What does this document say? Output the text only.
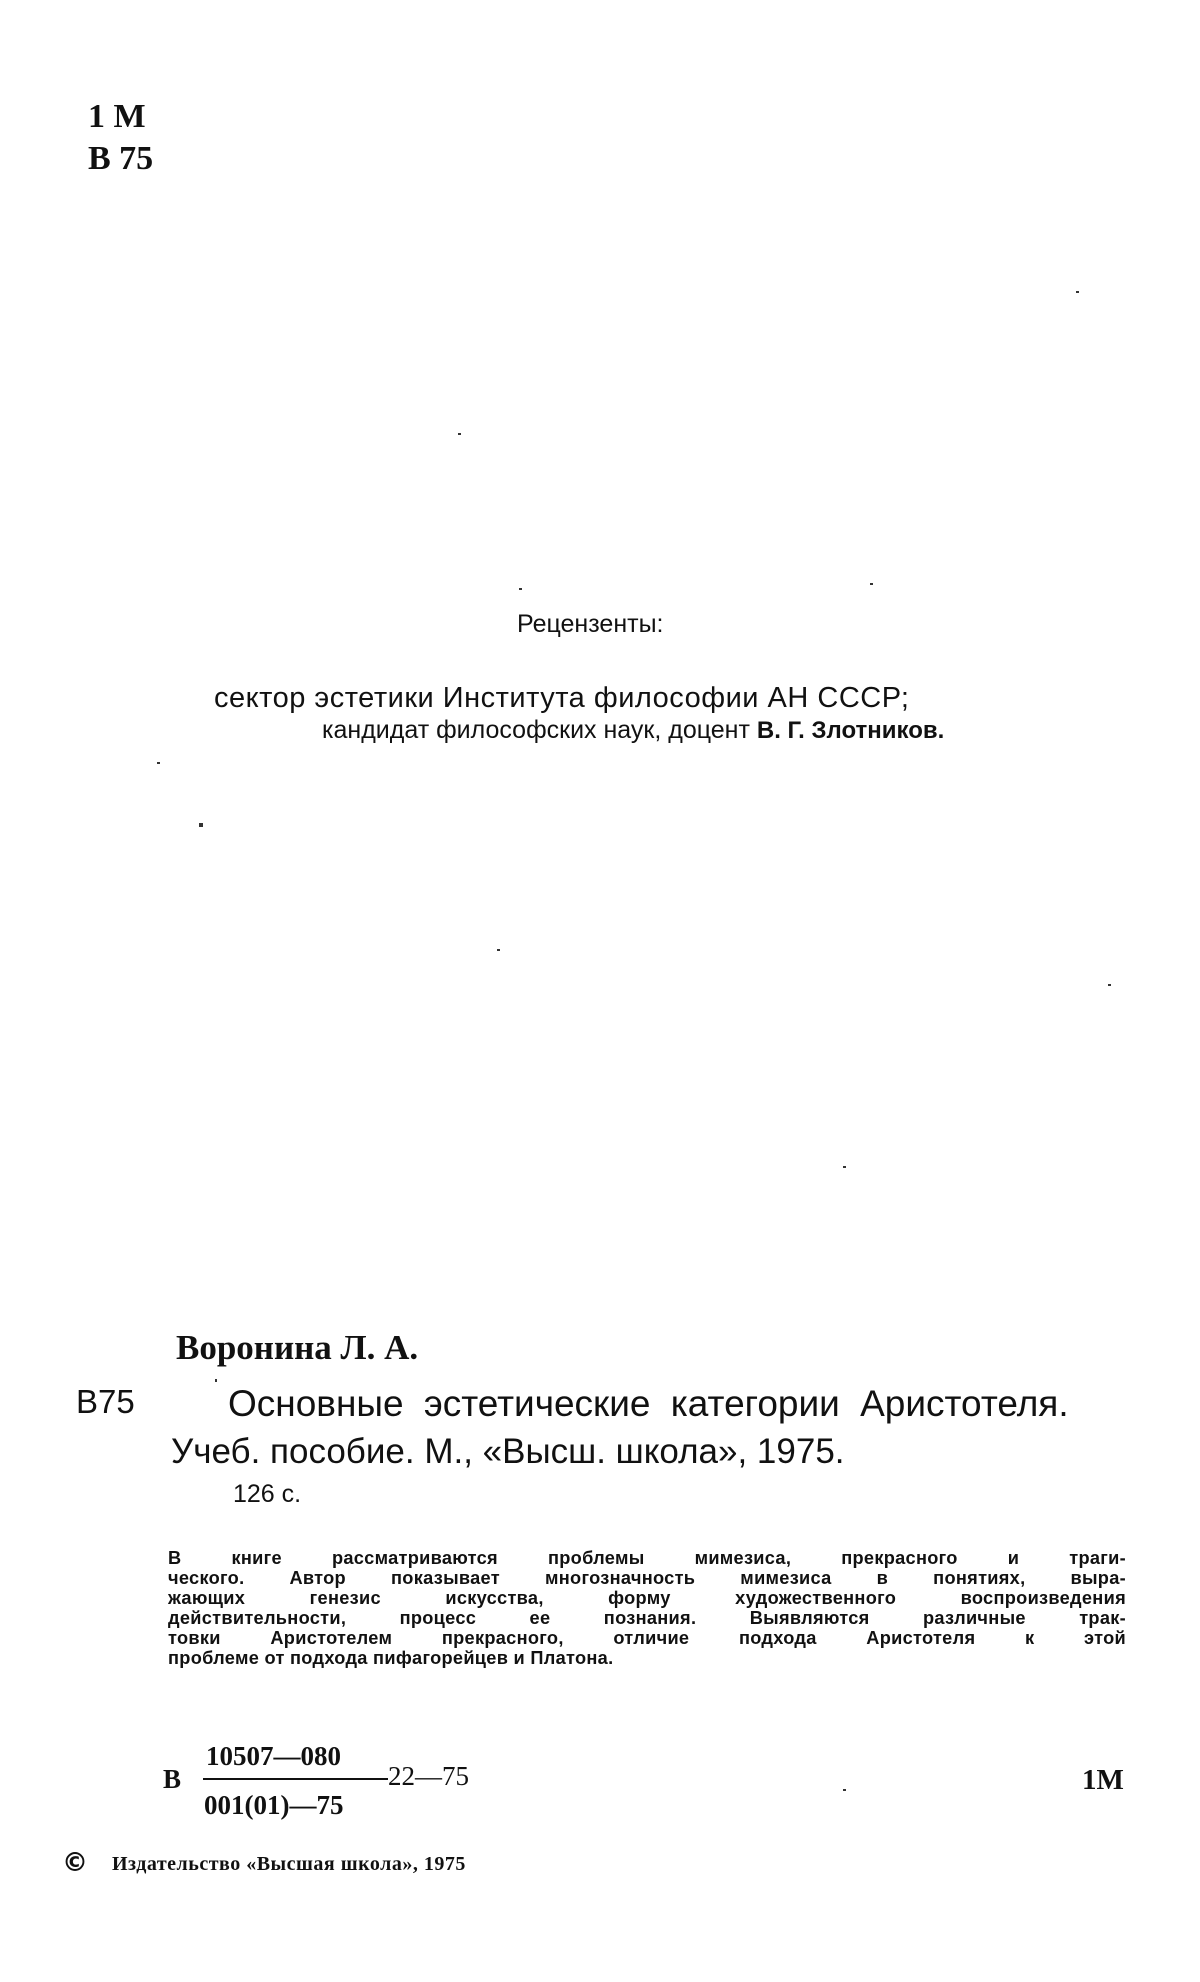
1 М
В 75
Рецензенты:
сектор эстетики Института философии АН СССР;
кандидат философских наук, доцент В. Г. Злотников.
Воронина Л. А.
В75	Основные эстетические категории Аристотеля.
Учеб. пособие. М., «Высш. школа», 1975.
126 с.
В книге рассматриваются проблемы мимезиса, прекрасного и траги-
ческого. Автор показывает многозначность мимезиса в понятиях, выра-
жающих генезис искусства, форму художественного воспроизведения
действительности, процесс ее познания. Выявляются различные трак-
товки Аристотелем прекрасного, отличие подхода Аристотеля к этой
проблеме от подхода пифагорейцев и Платона.
В
10507—080
22—75
001(01)—75
1М
© Издательство «Высшая школа», 1975
